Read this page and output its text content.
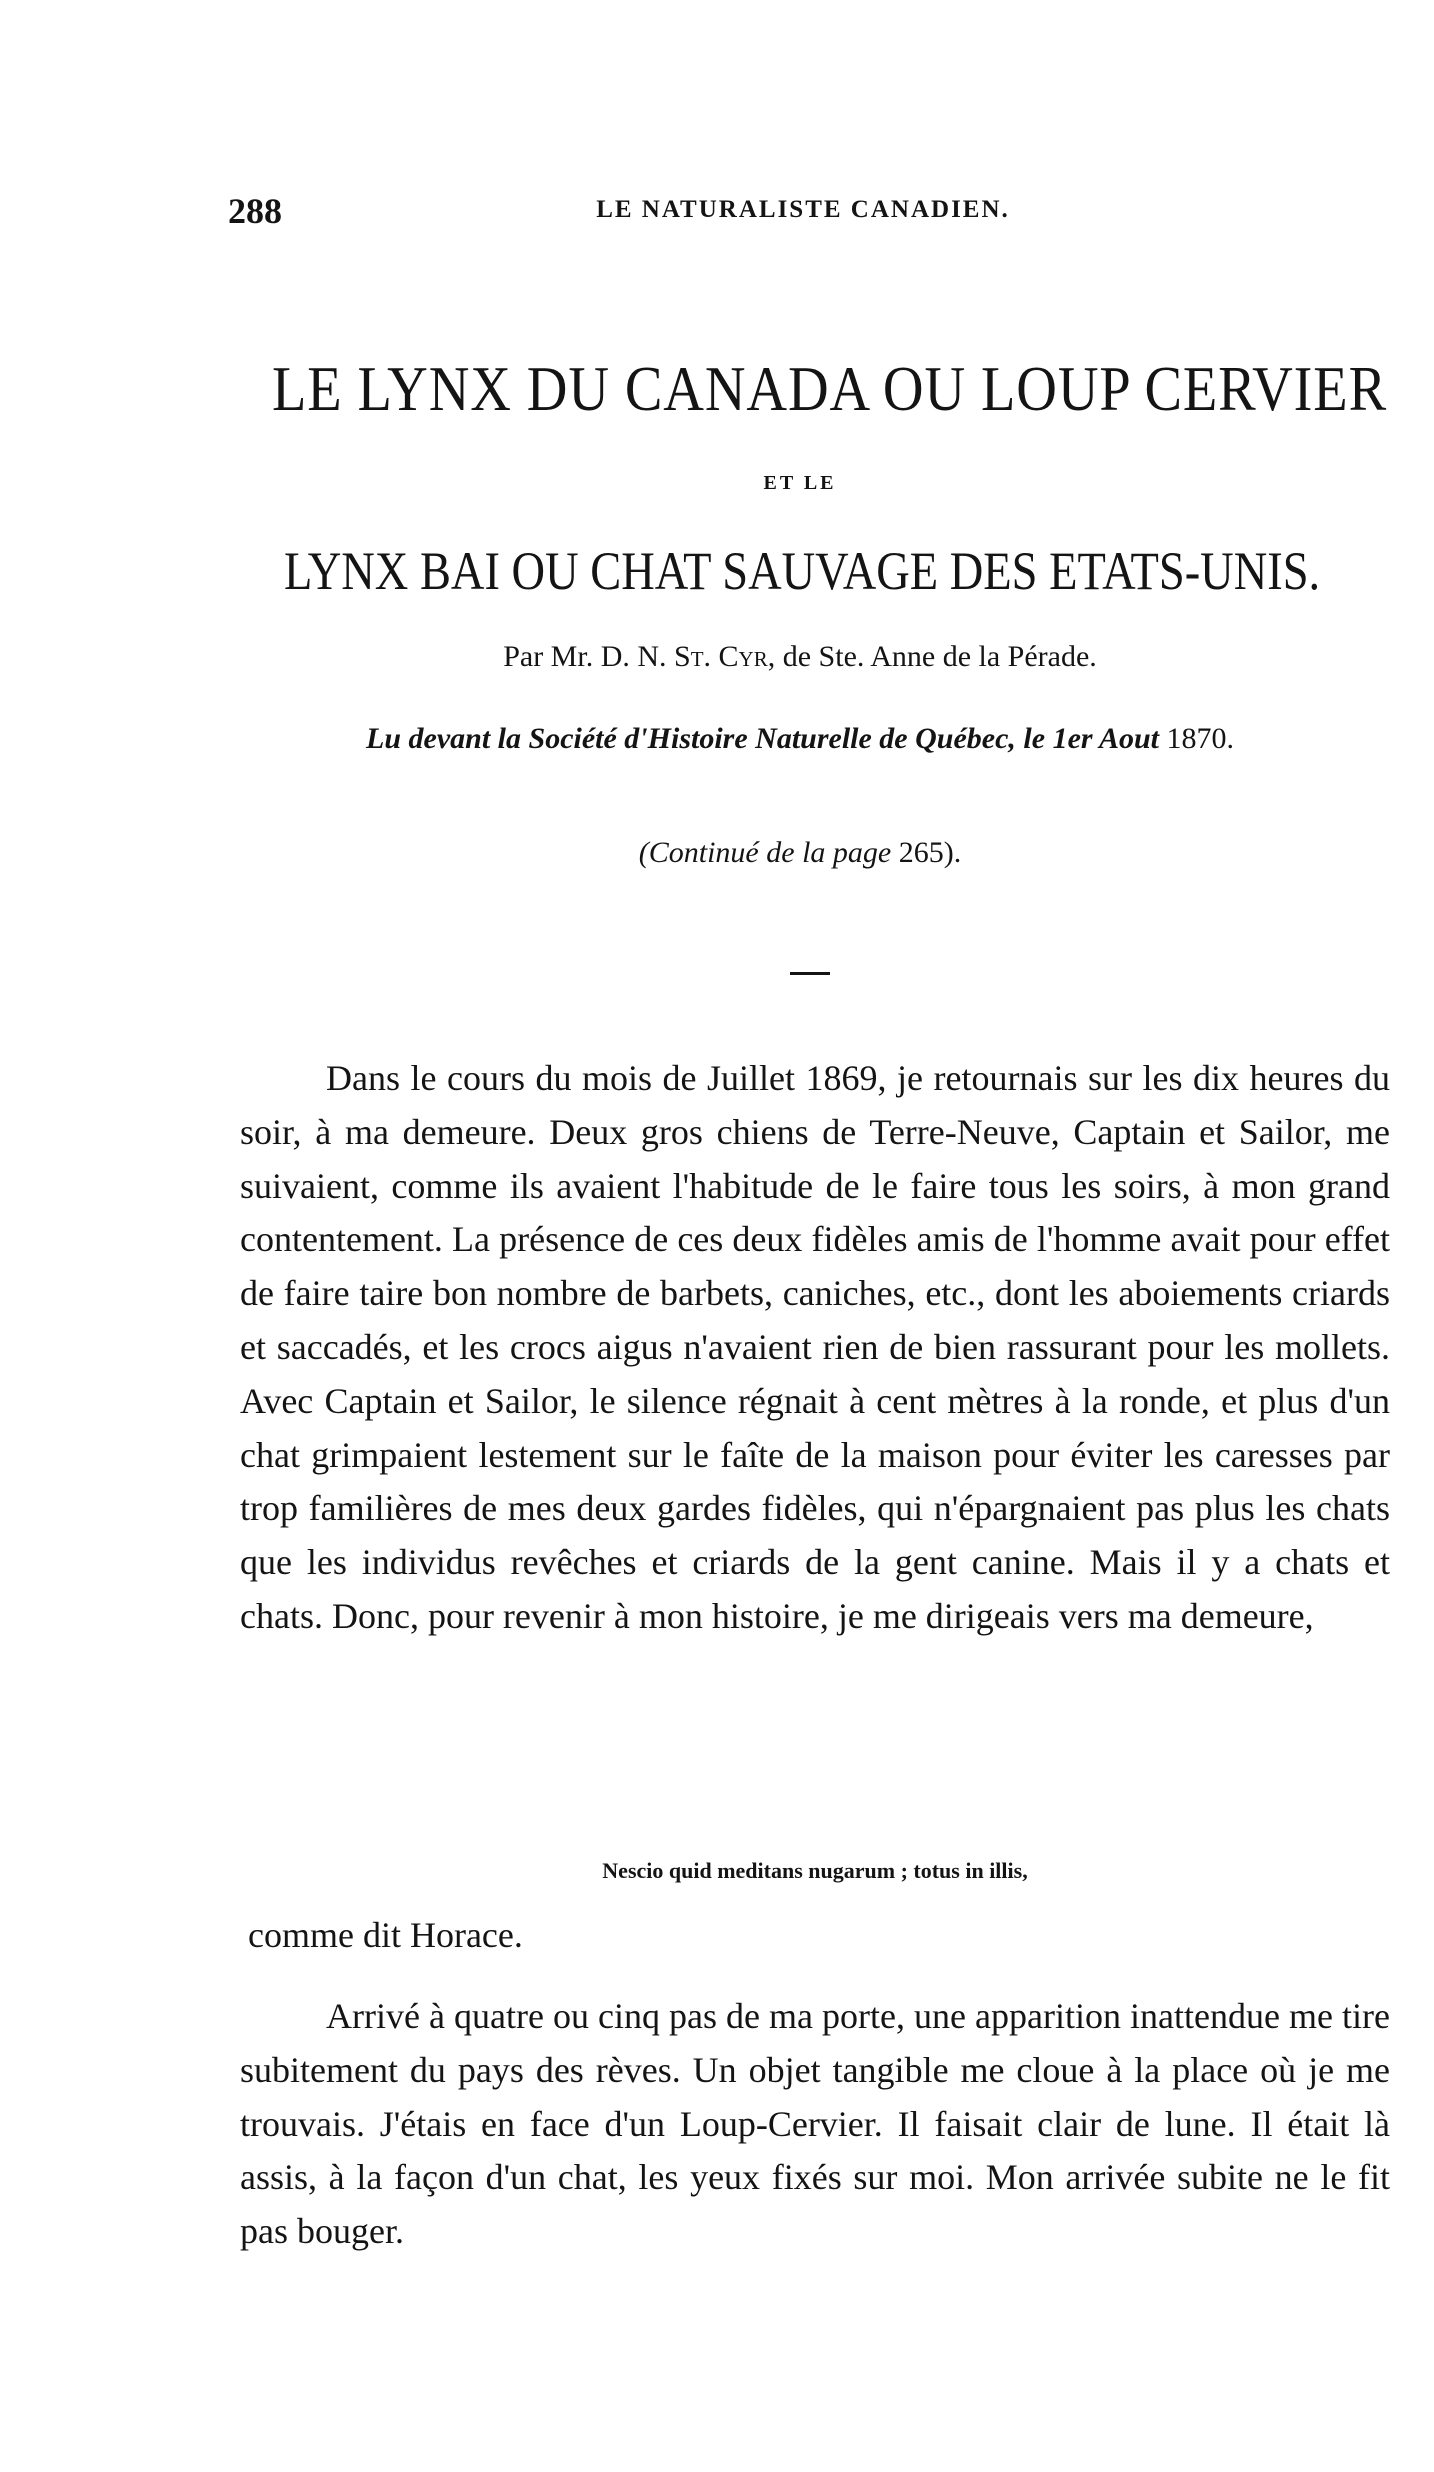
288	LE NATURALISTE CANADIEN.
LE LYNX DU CANADA OU LOUP CERVIER
ET LE
LYNX BAI OU CHAT SAUVAGE DES ETATS-UNIS.
Par Mr. D. N. St. Cyr, de Ste. Anne de la Pérade.
Lu devant la Société d'Histoire Naturelle de Québec, le 1er Aout 1870.
(Continué de la page 265).

Dans le cours du mois de Juillet 1869, je retournais sur les dix heures du soir, à ma demeure. Deux gros chiens de Terre-Neuve, Captain et Sailor, me suivaient, comme ils avaient l'habitude de le faire tous les soirs, à mon grand contentement. La présence de ces deux fidèles amis de l'homme avait pour effet de faire taire bon nombre de barbets, caniches, etc., dont les aboiements criards et saccadés, et les crocs aigus n'avaient rien de bien rassurant pour les mollets. Avec Captain et Sailor, le silence régnait à cent mètres à la ronde, et plus d'un chat grimpaient lestement sur le faîte de la maison pour éviter les caresses par trop familières de mes deux gardes fidèles, qui n'épargnaient pas plus les chats que les individus revêches et criards de la gent canine. Mais il y a chats et chats. Donc, pour revenir à mon histoire, je me dirigeais vers ma demeure,

Nescio quid meditans nugarum ; totus in illis,
comme dit Horace.

Arrivé à quatre ou cinq pas de ma porte, une apparition inattendue me tire subitement du pays des rèves. Un objet tangible me cloue à la place où je me trouvais. J'étais en face d'un Loup-Cervier. Il faisait clair de lune. Il était là assis, à la façon d'un chat, les yeux fixés sur moi. Mon arrivée subite ne le fit pas bouger.
